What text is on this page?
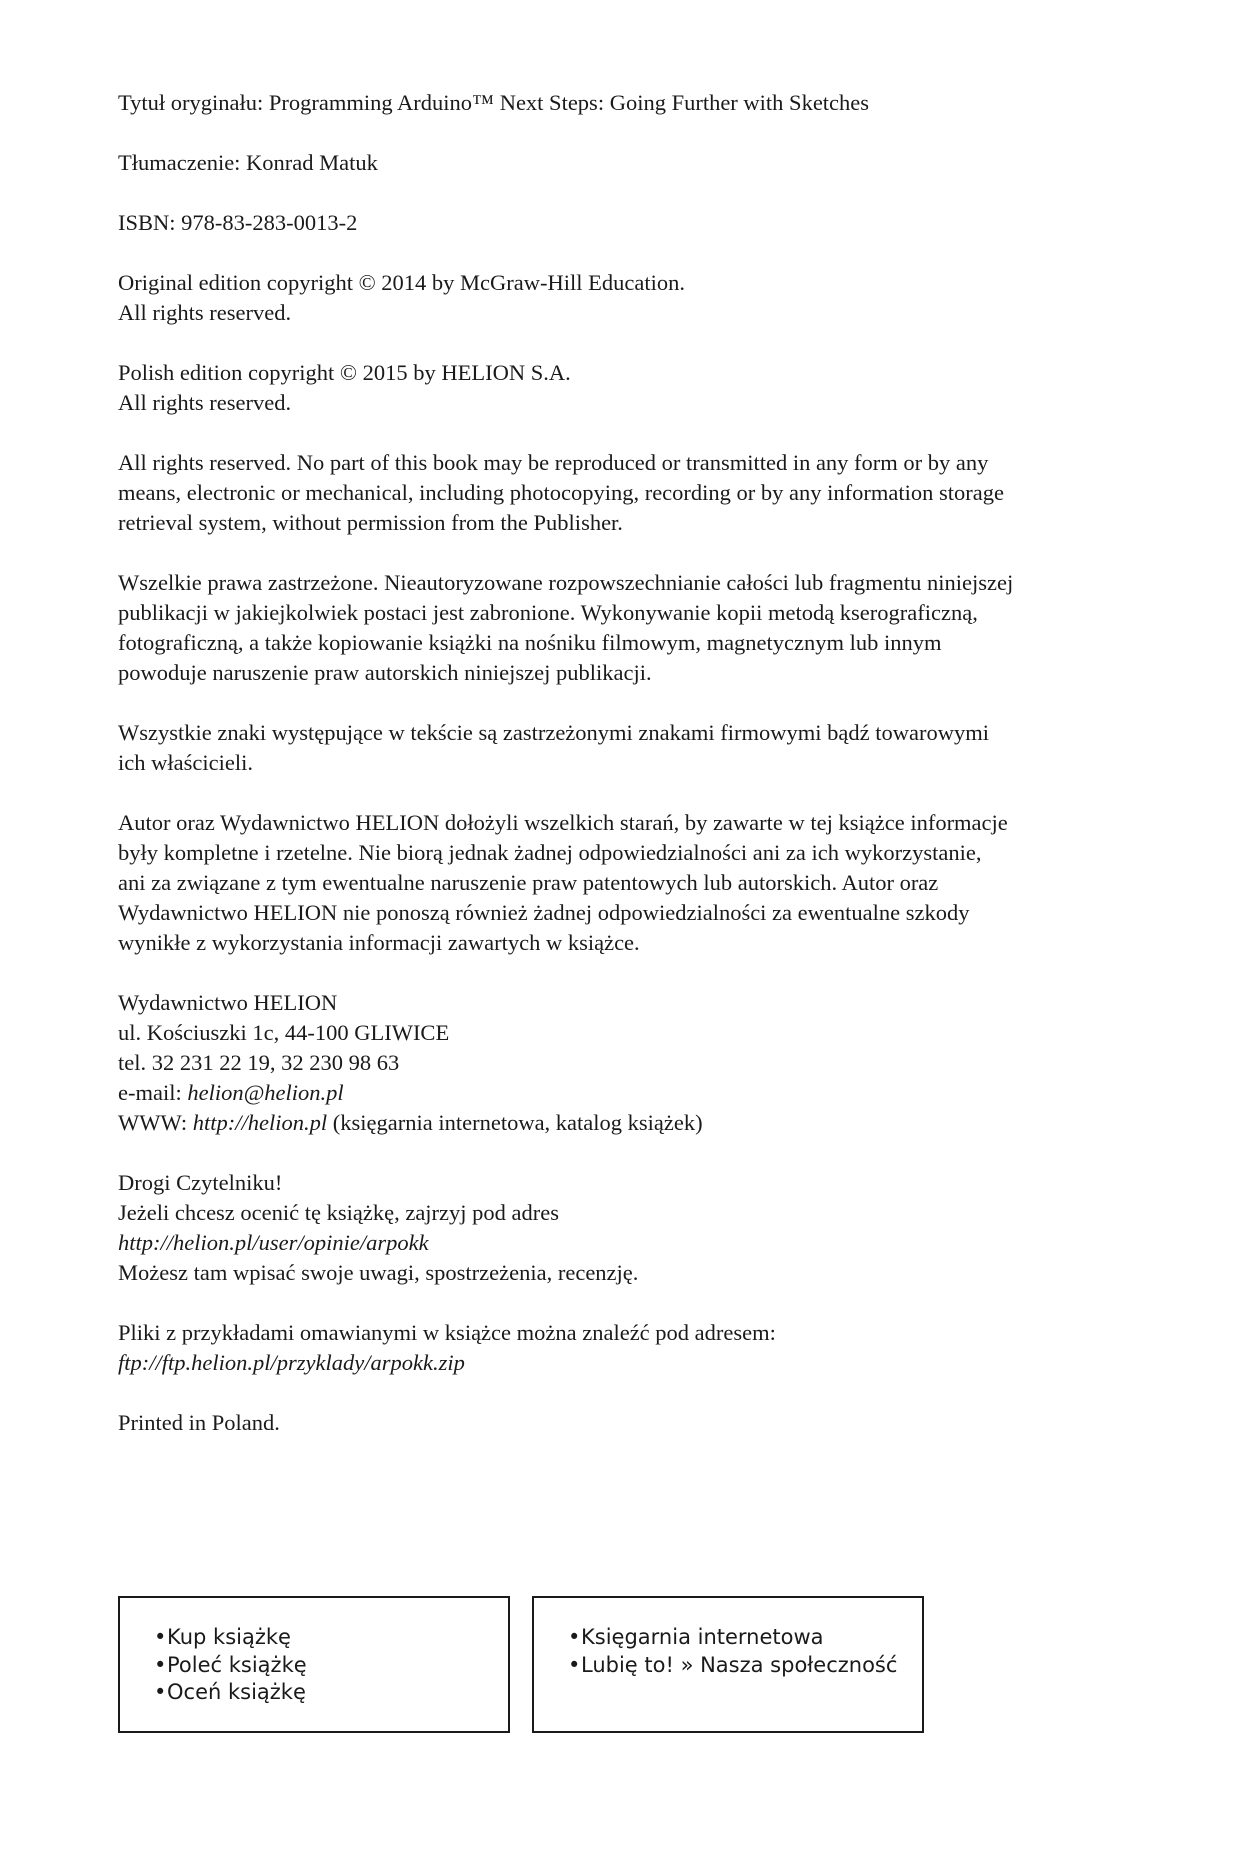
Tytuł oryginału: Programming Arduino™ Next Steps: Going Further with Sketches

Tłumaczenie: Konrad Matuk

ISBN: 978-83-283-0013-2

Original edition copyright © 2014 by McGraw-Hill Education.
All rights reserved.

Polish edition copyright © 2015 by HELION S.A.
All rights reserved.

All rights reserved. No part of this book may be reproduced or transmitted in any form or by any
means, electronic or mechanical, including photocopying, recording or by any information storage
retrieval system, without permission from the Publisher.

Wszelkie prawa zastrzeżone. Nieautoryzowane rozpowszechnianie całości lub fragmentu niniejszej
publikacji w jakiejkolwiek postaci jest zabronione. Wykonywanie kopii metodą kserograficzną,
fotograficzną, a także kopiowanie książki na nośniku filmowym, magnetycznym lub innym
powoduje naruszenie praw autorskich niniejszej publikacji.

Wszystkie znaki występujące w tekście są zastrzeżonymi znakami firmowymi bądź towarowymi
ich właścicieli.

Autor oraz Wydawnictwo HELION dołożyli wszelkich starań, by zawarte w tej książce informacje
były kompletne i rzetelne. Nie biorą jednak żadnej odpowiedzialności ani za ich wykorzystanie,
ani za związane z tym ewentualne naruszenie praw patentowych lub autorskich. Autor oraz
Wydawnictwo HELION nie ponoszą również żadnej odpowiedzialności za ewentualne szkody
wynikłe z wykorzystania informacji zawartych w książce.

Wydawnictwo HELION
ul. Kościuszki 1c, 44-100 GLIWICE
tel. 32 231 22 19, 32 230 98 63
e-mail: helion@helion.pl
WWW: http://helion.pl (księgarnia internetowa, katalog książek)

Drogi Czytelniku!
Jeżeli chcesz ocenić tę książkę, zajrzyj pod adres
http://helion.pl/user/opinie/arpokk
Możesz tam wpisać swoje uwagi, spostrzeżenia, recenzję.

Pliki z przykładami omawianymi w książce można znaleźć pod adresem:
ftp://ftp.helion.pl/przyklady/arpokk.zip

Printed in Poland.

•Kup książkę
•Poleć książkę
•Oceń książkę
•Księgarnia internetowa
•Lubię to! » Nasza społeczność
